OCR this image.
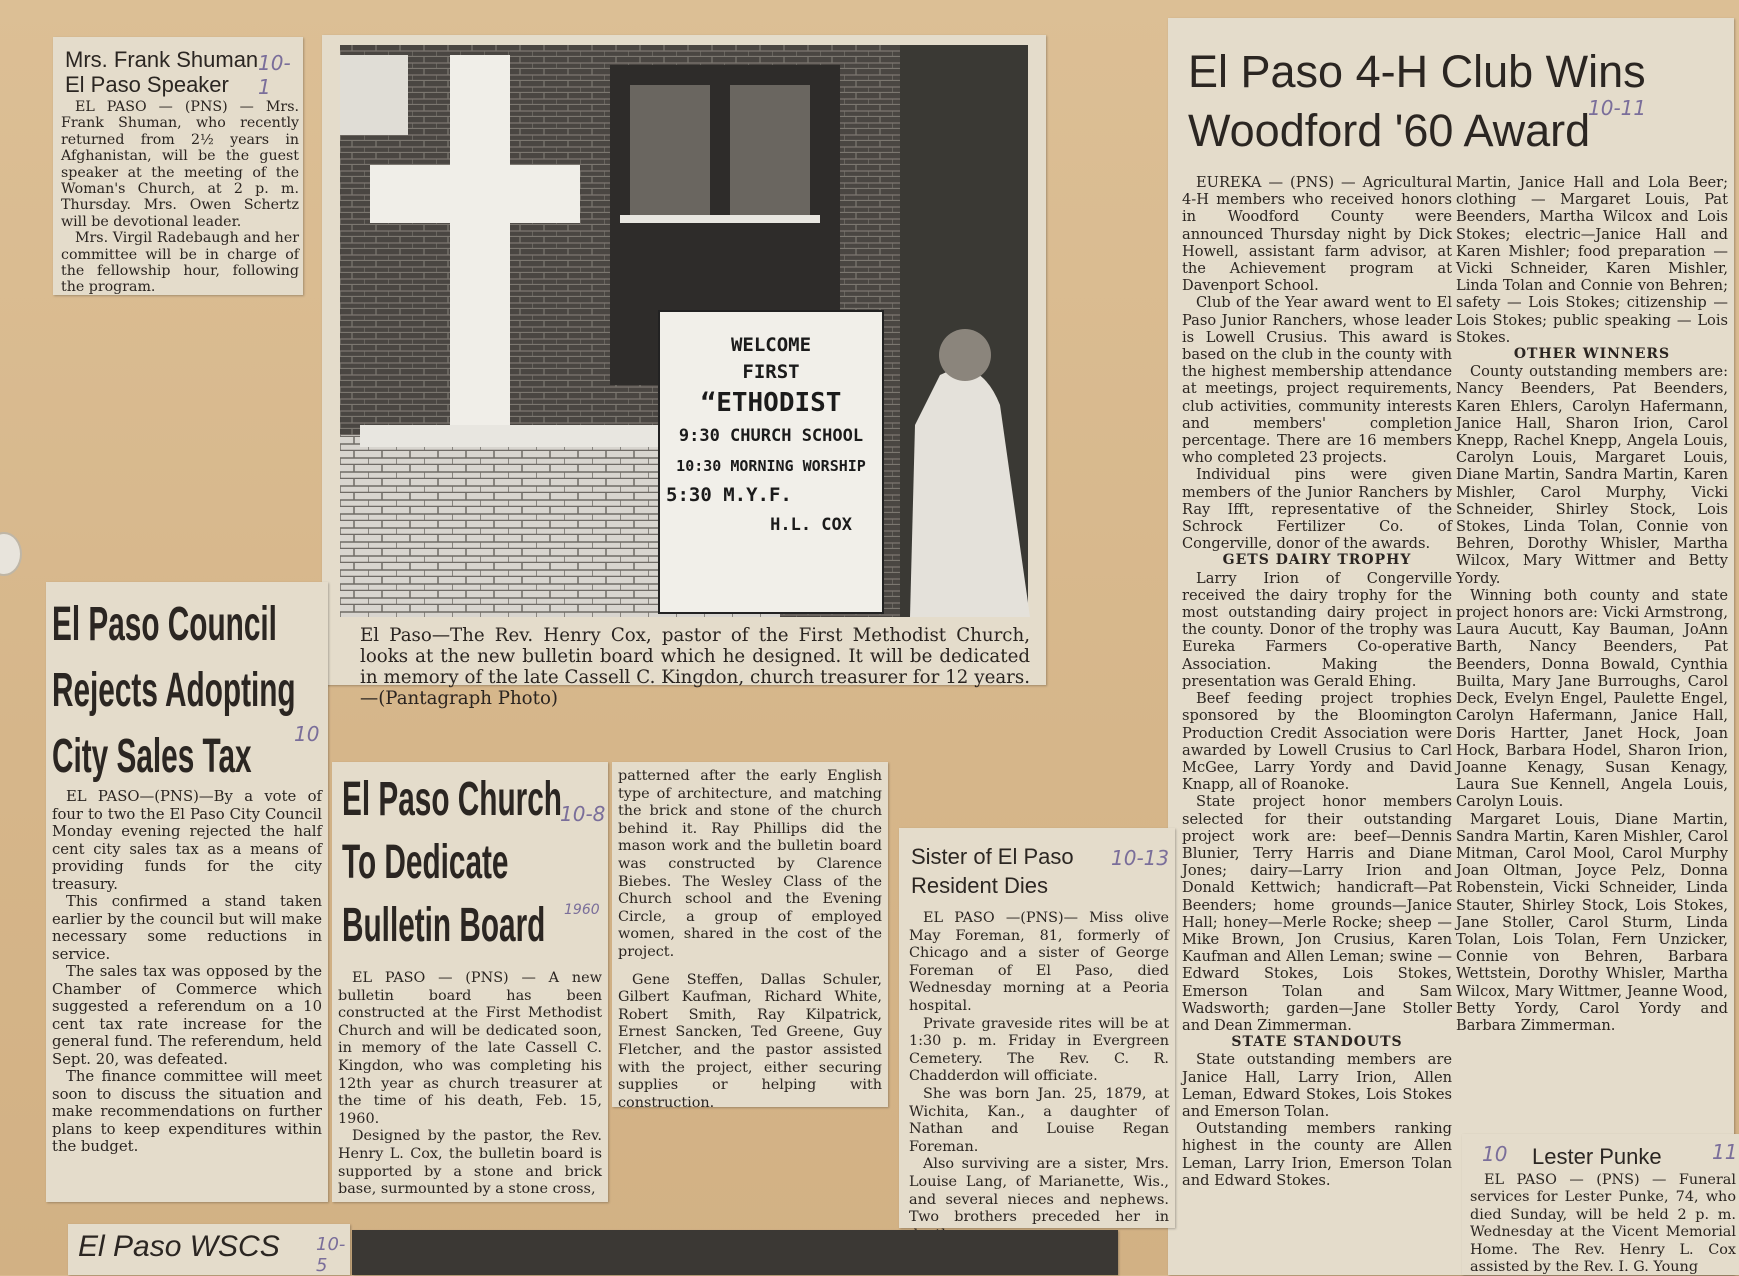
Mrs. Frank Shuman
El Paso Speaker
10-1

EL PASO — (PNS) — Mrs. Frank Shuman, who recently returned from 2½ years in Afghanistan, will be the guest speaker at the meeting of the Woman's Church, at 2 p. m. Thursday. Mrs. Owen Schertz will be devotional leader.

Mrs. Virgil Radebaugh and her committee will be in charge of the fellowship hour, following the program.

WELCOME
FIRST
“ETHODIST
9:30 CHURCH SCHOOL
10:30 MORNING WORSHIP
5:30 M.Y.F.
H.L. COX
El Paso—The Rev. Henry Cox, pastor of the First Methodist Church, looks at the new bulletin board which he designed. It will be dedicated in memory of the late Cassell C. Kingdon, church treasurer for 12 years.—(Pantagraph Photo)
El Paso 4-H Club Wins
Woodford '60 Award
10-11

EUREKA — (PNS) — Agricultural 4-H members who received honors in Woodford County were announced Thursday night by Dick Howell, assistant farm advisor, at the Achievement program at Davenport School.

Club of the Year award went to El Paso Junior Ranchers, whose leader is Lowell Crusius. This award is based on the club in the county with the highest membership attendance at meetings, project requirements, club activities, community interests and members' completion percentage. There are 16 members who completed 23 projects.

Individual pins were given members of the Junior Ranchers by Ray Ifft, representative of the Schrock Fertilizer Co. of Congerville, donor of the awards.

GETS DAIRY TROPHY

Larry Irion of Congerville received the dairy trophy for the most outstanding dairy project in the county. Donor of the trophy was Eureka Farmers Co-operative Association. Making the presentation was Gerald Ehing.

Beef feeding project trophies sponsored by the Bloomington Production Credit Association were awarded by Lowell Crusius to Carl McGee, Larry Yordy and David Knapp, all of Roanoke.

State project honor members selected for their outstanding project work are: beef—Dennis Blunier, Terry Harris and Diane Jones; dairy—Larry Irion and Donald Kettwich; handicraft—Pat Beenders; home grounds—Janice Hall; honey—Merle Rocke; sheep —Mike Brown, Jon Crusius, Karen Kaufman and Allen Leman; swine — Edward Stokes, Lois Stokes, Emerson Tolan and Sam Wadsworth; garden—Jane Stoller and Dean Zimmerman.

STATE STANDOUTS

State outstanding members are Janice Hall, Larry Irion, Allen Leman, Edward Stokes, Lois Stokes and Emerson Tolan.

Outstanding members ranking highest in the county are Allen Leman, Larry Irion, Emerson Tolan and Edward Stokes.

Martin, Janice Hall and Lola Beer; clothing — Margaret Louis, Pat Beenders, Martha Wilcox and Lois Stokes; electric—Janice Hall and Karen Mishler; food preparation — Vicki Schneider, Karen Mishler, Linda Tolan and Connie von Behren; safety — Lois Stokes; citizenship — Lois Stokes; public speaking — Lois Stokes.

OTHER WINNERS

County outstanding members are: Nancy Beenders, Pat Beenders, Karen Ehlers, Carolyn Hafermann, Janice Hall, Sharon Irion, Carol Knepp, Rachel Knepp, Angela Louis, Carolyn Louis, Margaret Louis, Diane Martin, Sandra Martin, Karen Mishler, Carol Murphy, Vicki Schneider, Shirley Stock, Lois Stokes, Linda Tolan, Connie von Behren, Dorothy Whisler, Martha Wilcox, Mary Wittmer and Betty Yordy.

Winning both county and state project honors are: Vicki Armstrong, Laura Aucutt, Kay Bauman, JoAnn Barth, Nancy Beenders, Pat Beenders, Donna Bowald, Cynthia Builta, Mary Jane Burroughs, Carol Deck, Evelyn Engel, Paulette Engel, Carolyn Hafermann, Janice Hall, Doris Hartter, Janet Hock, Joan Hock, Barbara Hodel, Sharon Irion, Joanne Kenagy, Susan Kenagy, Laura Sue Kennell, Angela Louis, Carolyn Louis.

Margaret Louis, Diane Martin, Sandra Martin, Karen Mishler, Carol Mitman, Carol Mool, Carol Murphy Joan Oltman, Joyce Pelz, Donna Robenstein, Vicki Schneider, Linda Stauter, Shirley Stock, Lois Stokes, Jane Stoller, Carol Sturm, Linda Tolan, Lois Tolan, Fern Unzicker, Connie von Behren, Barbara Wettstein, Dorothy Whisler, Martha Wilcox, Mary Wittmer, Jeanne Wood, Betty Yordy, Carol Yordy and Barbara Zimmerman.

El Paso Council
Rejects Adopting
City Sales Tax	10

EL PASO—(PNS)—By a vote of four to two the El Paso City Council Monday evening rejected the half cent city sales tax as a means of providing funds for the city treasury.

This confirmed a stand taken earlier by the council but will make necessary some reductions in service.

The sales tax was opposed by the Chamber of Commerce which suggested a referendum on a 10 cent tax rate increase for the general fund. The referendum, held Sept. 20, was defeated.

The finance committee will meet soon to discuss the situation and make recommendations on further plans to keep expenditures within the budget.

El Paso Church
To Dedicate
Bulletin Board
10-8
1960

EL PASO — (PNS) — A new bulletin board has been constructed at the First Methodist Church and will be dedicated soon, in memory of the late Cassell C. Kingdon, who was completing his 12th year as church treasurer at the time of his death, Feb. 15, 1960.

Designed by the pastor, the Rev. Henry L. Cox, the bulletin board is supported by a stone and brick base, surmounted by a stone cross,

patterned after the early English type of architecture, and matching the brick and stone of the church behind it. Ray Phillips did the mason work and the bulletin board was constructed by Clarence Biebes. The Wesley Class of the Church school and the Evening Circle, a group of employed women, shared in the cost of the project.

Gene Steffen, Dallas Schuler, Gilbert Kaufman, Richard White, Robert Smith, Ray Kilpatrick, Ernest Sancken, Ted Greene, Guy Fletcher, and the pastor assisted with the project, either securing supplies or helping with construction.

Sister of El Paso
Resident Dies
10-13

EL PASO —(PNS)— Miss olive May Foreman, 81, formerly of Chicago and a sister of George Foreman of El Paso, died Wednesday morning at a Peoria hospital.

Private graveside rites will be at 1:30 p. m. Friday in Evergreen Cemetery. The Rev. C. R. Chadderdon will officiate.

She was born Jan. 25, 1879, at Wichita, Kan., a daughter of Nathan and Louise Regan Foreman.

Also surviving are a sister, Mrs. Louise Lang, of Marianette, Wis., and several nieces and nephews. Two brothers preceded her in

Lester Punke
10	11
EL PASO — (PNS) — Funeral services for Lester Punke, 74, who died Sunday, will be held 2 p. m. Wednesday at the Vicent Memorial Home. The Rev. Henry L. Cox assisted by the Rev. I. G. Young
El Paso WSCS 10-5
